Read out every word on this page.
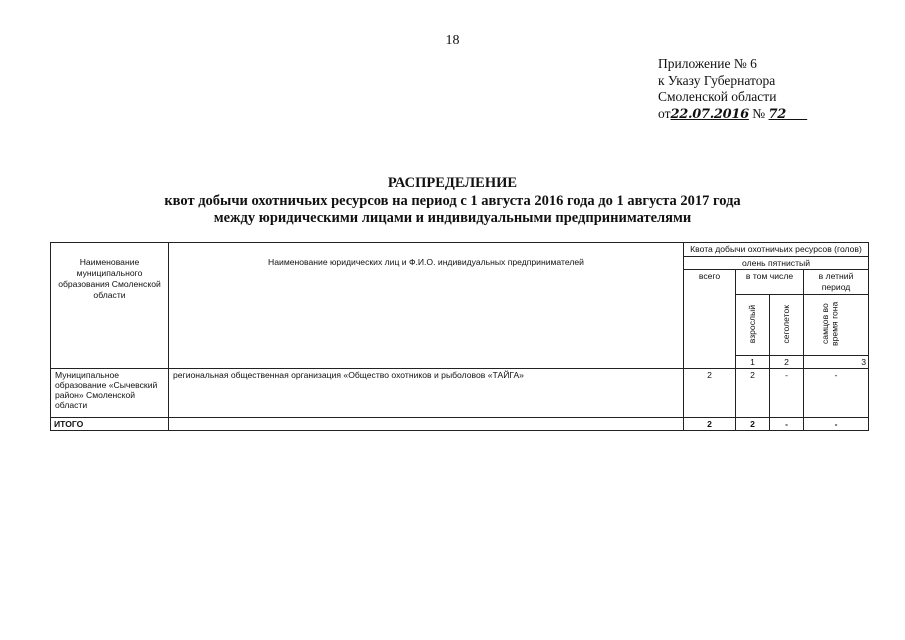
18
Приложение № 6
к Указу Губернатора
Смоленской области
от22.07.2016 № 72
РАСПРЕДЕЛЕНИЕ
квот добычи охотничьих ресурсов на период с 1 августа 2016 года до 1 августа 2017 года
между юридическими лицами и индивидуальными предпринимателями
Наименование муниципального образования Смоленской области	Наименование юридических лиц и Ф.И.О. индивидуальных предпринимателей	Квота добычи охотничьих ресурсов (голов)				
		олень пятнистый				
		всего	в том числе		в летний период	
			взрослый	сеголеток	самцов во время гона	
			1	2	3			
Муниципальное образование «Сычевский район» Смоленской области	региональная общественная организация «Общество охотников и рыболовов «ТАЙГА»	2	2	-	-	
ИТОГО		2	2	-	-	
